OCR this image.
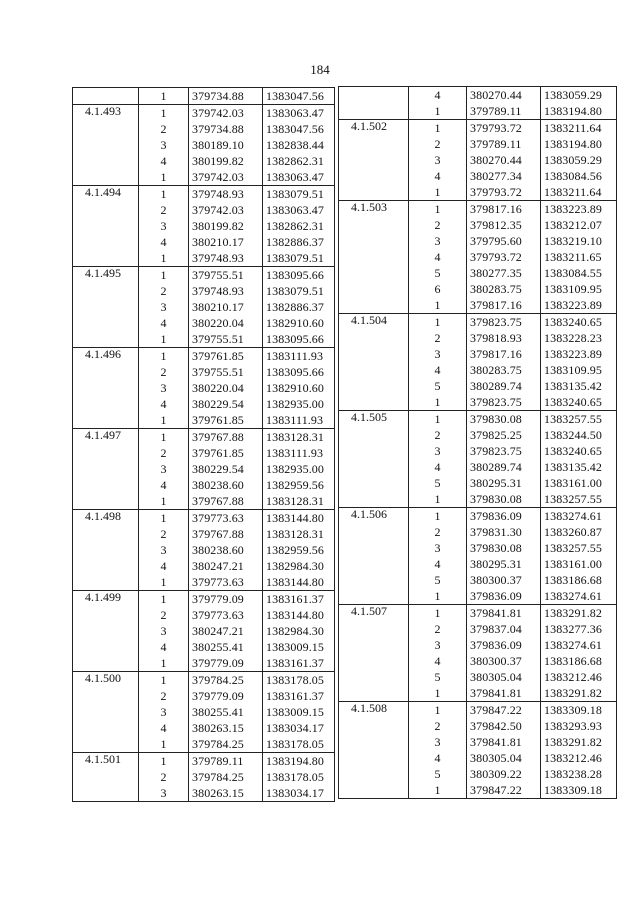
184
	1	379734.88	1383047.56
4.1.493	1	379742.03	1383063.47
	2	379734.88	1383047.56
	3	380189.10	1382838.44
	4	380199.82	1382862.31
	1	379742.03	1383063.47
4.1.494	1	379748.93	1383079.51
	2	379742.03	1383063.47
	3	380199.82	1382862.31
	4	380210.17	1382886.37
	1	379748.93	1383079.51
4.1.495	1	379755.51	1383095.66
	2	379748.93	1383079.51
	3	380210.17	1382886.37
	4	380220.04	1382910.60
	1	379755.51	1383095.66
4.1.496	1	379761.85	1383111.93
	2	379755.51	1383095.66
	3	380220.04	1382910.60
	4	380229.54	1382935.00
	1	379761.85	1383111.93
4.1.497	1	379767.88	1383128.31
	2	379761.85	1383111.93
	3	380229.54	1382935.00
	4	380238.60	1382959.56
	1	379767.88	1383128.31
4.1.498	1	379773.63	1383144.80
	2	379767.88	1383128.31
	3	380238.60	1382959.56
	4	380247.21	1382984.30
	1	379773.63	1383144.80
4.1.499	1	379779.09	1383161.37
	2	379773.63	1383144.80
	3	380247.21	1382984.30
	4	380255.41	1383009.15
	1	379779.09	1383161.37
4.1.500	1	379784.25	1383178.05
	2	379779.09	1383161.37
	3	380255.41	1383009.15
	4	380263.15	1383034.17
	1	379784.25	1383178.05
4.1.501	1	379789.11	1383194.80
	2	379784.25	1383178.05
	3	380263.15	1383034.17
	4	380270.44	1383059.29
	1	379789.11	1383194.80
4.1.502	1	379793.72	1383211.64
	2	379789.11	1383194.80
	3	380270.44	1383059.29
	4	380277.34	1383084.56
	1	379793.72	1383211.64
4.1.503	1	379817.16	1383223.89
	2	379812.35	1383212.07
	3	379795.60	1383219.10
	4	379793.72	1383211.65
	5	380277.35	1383084.55
	6	380283.75	1383109.95
	1	379817.16	1383223.89
4.1.504	1	379823.75	1383240.65
	2	379818.93	1383228.23
	3	379817.16	1383223.89
	4	380283.75	1383109.95
	5	380289.74	1383135.42
	1	379823.75	1383240.65
4.1.505	1	379830.08	1383257.55
	2	379825.25	1383244.50
	3	379823.75	1383240.65
	4	380289.74	1383135.42
	5	380295.31	1383161.00
	1	379830.08	1383257.55
4.1.506	1	379836.09	1383274.61
	2	379831.30	1383260.87
	3	379830.08	1383257.55
	4	380295.31	1383161.00
	5	380300.37	1383186.68
	1	379836.09	1383274.61
4.1.507	1	379841.81	1383291.82
	2	379837.04	1383277.36
	3	379836.09	1383274.61
	4	380300.37	1383186.68
	5	380305.04	1383212.46
	1	379841.81	1383291.82
4.1.508	1	379847.22	1383309.18
	2	379842.50	1383293.93
	3	379841.81	1383291.82
	4	380305.04	1383212.46
	5	380309.22	1383238.28
	1	379847.22	1383309.18
